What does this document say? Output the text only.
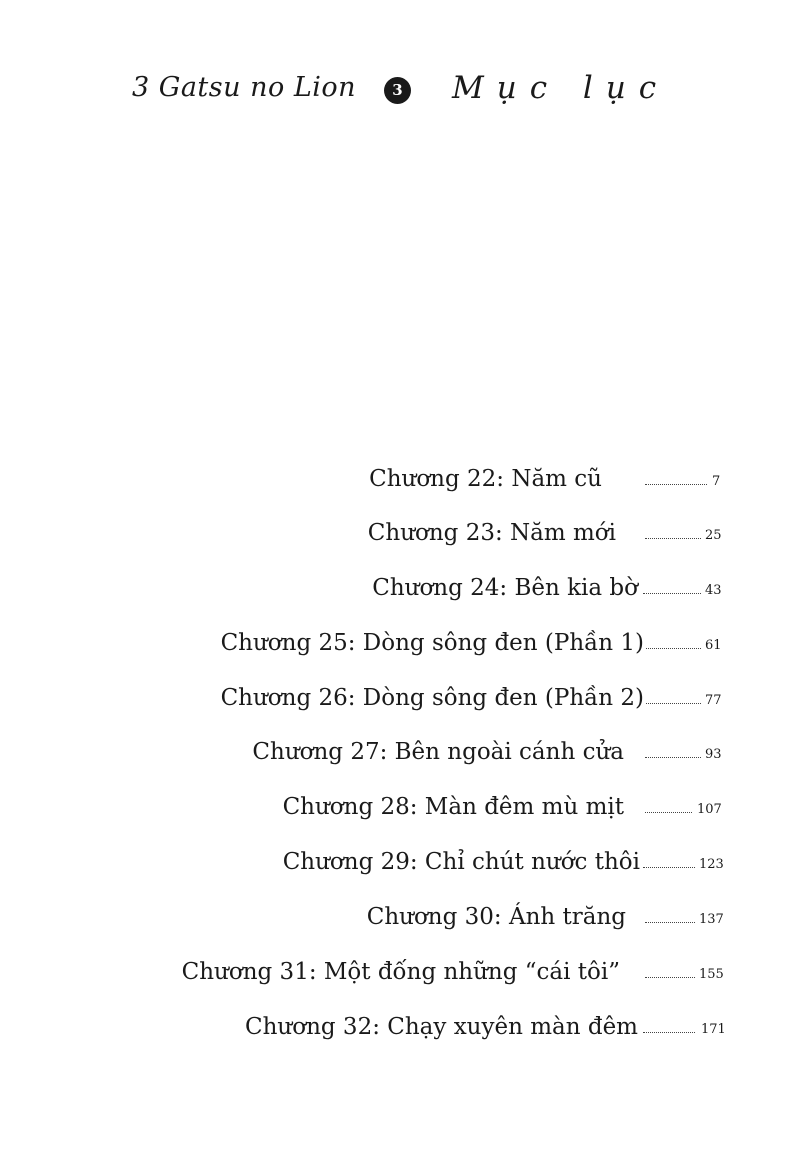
3 Gatsu no Lion	3 Mục lục
Chương 22: Năm cũ	7
Chương 23: Năm mới	25
Chương 24: Bên kia bờ	43
Chương 25: Dòng sông đen (Phần 1)	61
Chương 26: Dòng sông đen (Phần 2)	77
Chương 27: Bên ngoài cánh cửa	93
Chương 28: Màn đêm mù mịt	107
Chương 29: Chỉ chút nước thôi	123
Chương 30: Ánh trăng	137
Chương 31: Một đống những “cái tôi”	155
Chương 32: Chạy xuyên màn đêm	171
